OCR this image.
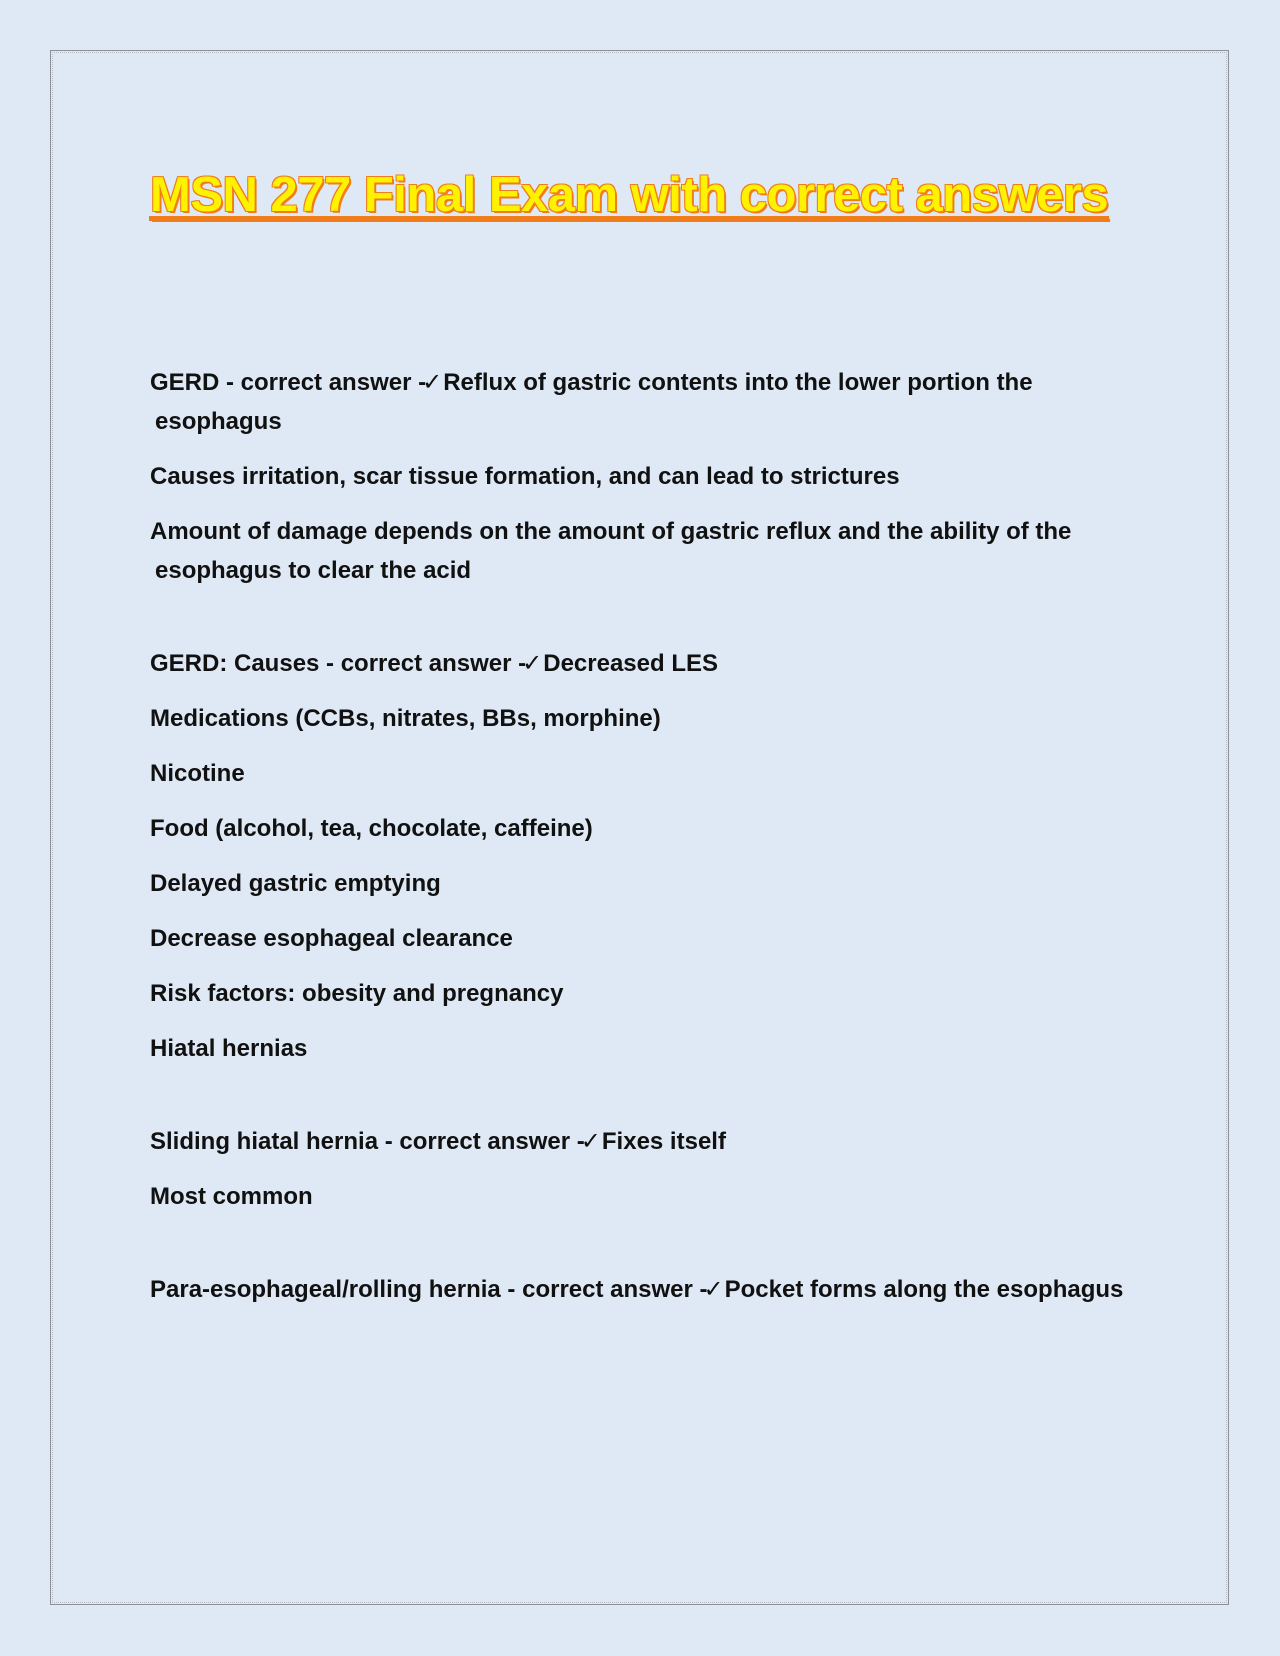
MSN 277 Final Exam with correct answers

GERD - correct answer -✓Reflux of gastric contents into the lower portion the esophagus

Causes irritation, scar tissue formation, and can lead to strictures

Amount of damage depends on the amount of gastric reflux and the ability of the esophagus to clear the acid

GERD: Causes - correct answer -✓Decreased LES

Medications (CCBs, nitrates, BBs, morphine)

Nicotine

Food (alcohol, tea, chocolate, caffeine)

Delayed gastric emptying

Decrease esophageal clearance

Risk factors: obesity and pregnancy

Hiatal hernias

Sliding hiatal hernia - correct answer -✓Fixes itself

Most common

Para-esophageal/rolling hernia - correct answer -✓Pocket forms along the esophagus
